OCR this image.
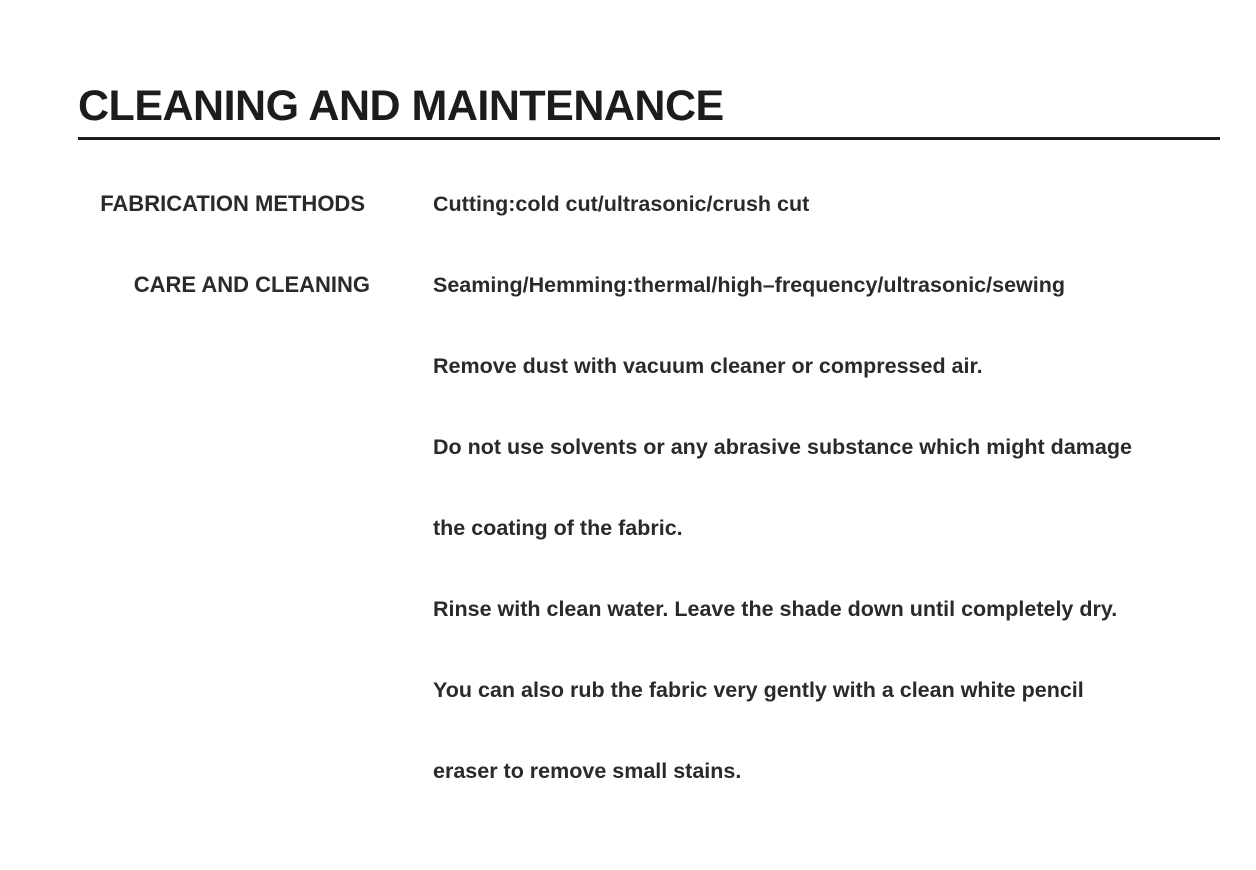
CLEANING AND MAINTENANCE
FABRICATION METHODS
CARE AND CLEANING
Cutting:cold cut/ultrasonic/crush cut
Seaming/Hemming:thermal/high–frequency/ultrasonic/sewing
Remove dust with vacuum cleaner or compressed air.
Do not use solvents or any abrasive substance which might damage
the coating of the fabric.
Rinse with clean water. Leave the shade down until completely dry.
You can also rub the fabric very gently with a clean white pencil
eraser to remove small stains.
